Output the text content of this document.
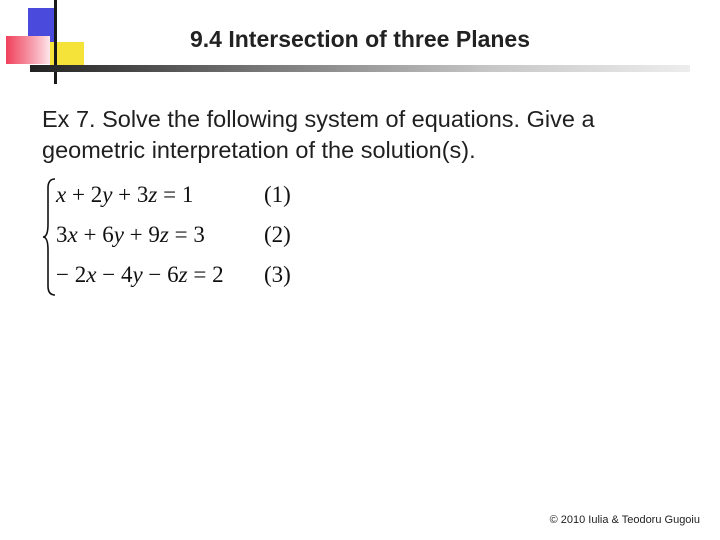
9.4 Intersection of three Planes
Ex 7. Solve the following system of equations. Give a geometric interpretation of the solution(s).
x + 2y + 3z = 1	(1)
3x + 6y + 9z = 3	(2)
− 2x − 4y − 6z = 2 (3)
© 2010 Iulia & Teodoru Gugoiu
